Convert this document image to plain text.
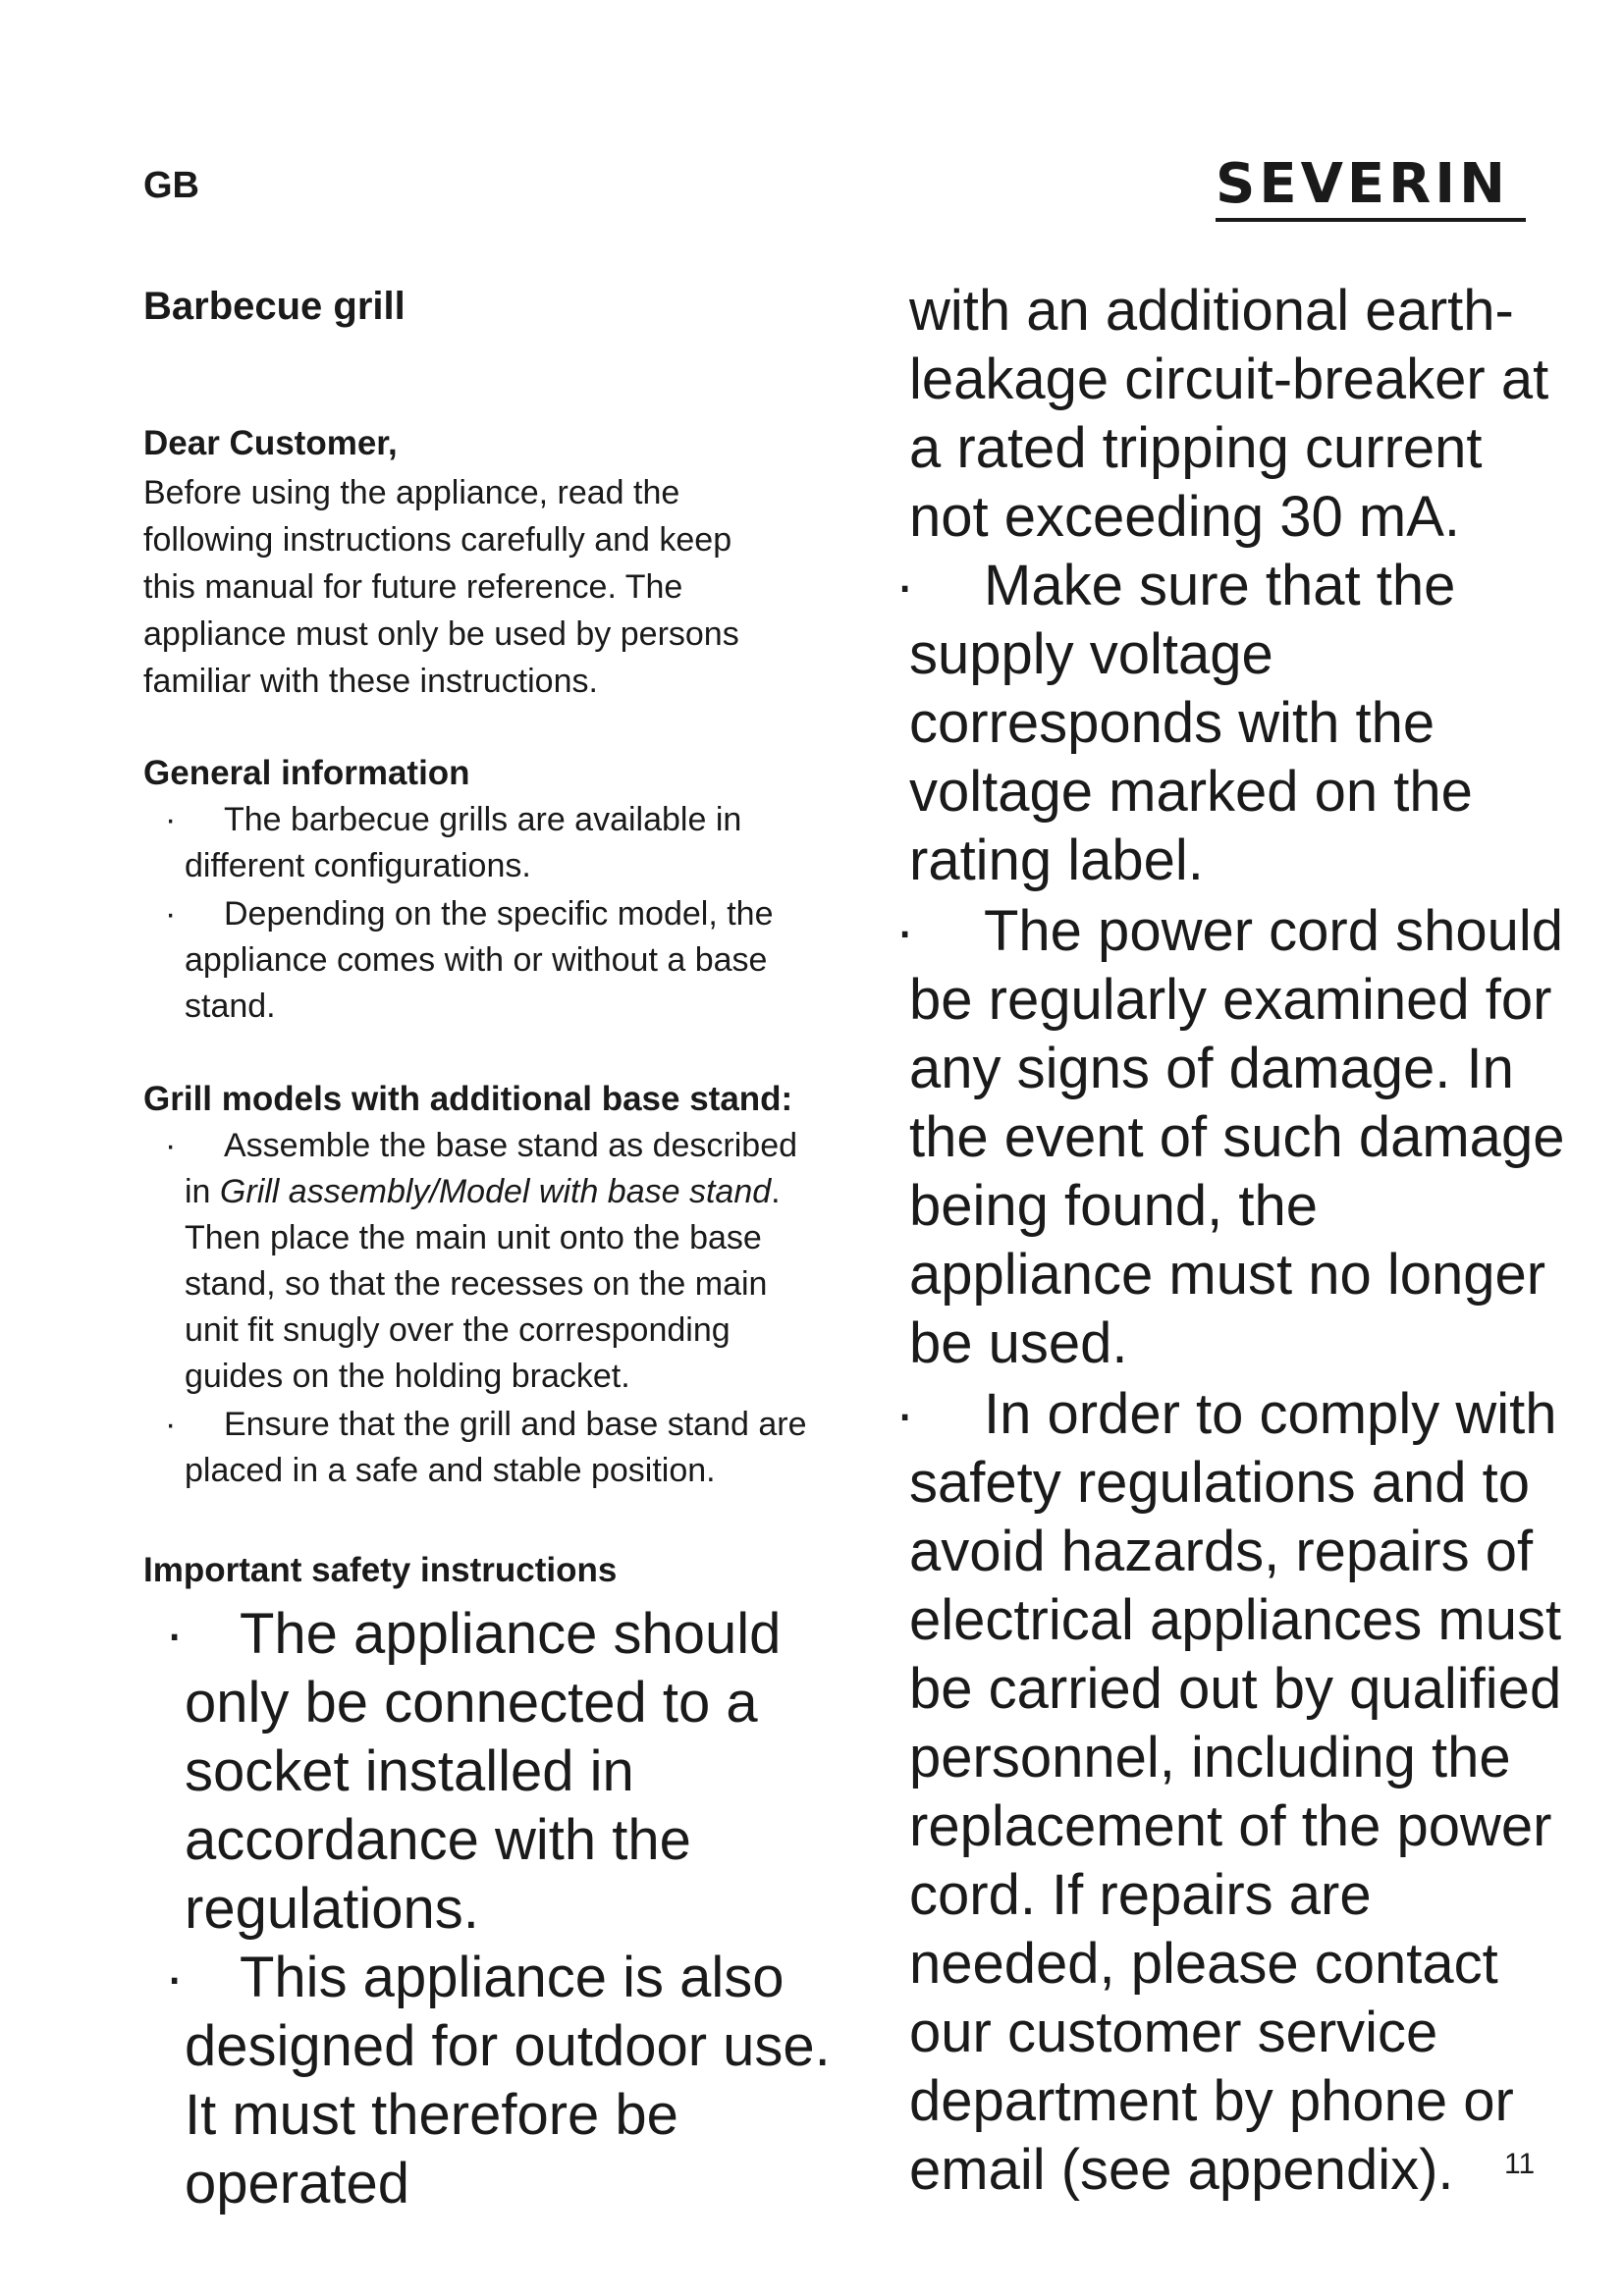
GB	SEVERIN
Barbecue grill
Dear Customer,
Before using the appliance, read the following instructions carefully and keep this manual for future reference. The appliance must only be used by persons familiar with these instructions.
General information
· The barbecue grills are available in different configurations.
· Depending on the specific model, the appliance comes with or without a base stand.
Grill models with additional base stand:
· Assemble the base stand as described in Grill assembly/Model with base stand. Then place the main unit onto the base stand, so that the recesses on the main unit fit snugly over the corresponding guides on the holding bracket.
· Ensure that the grill and base stand are placed in a safe and stable position.
Important safety instructions
· The appliance should only be connected to a socket installed in accordance with the regulations.
· This appliance is also designed for outdoor use. It must therefore be operated

with an additional earth-leakage circuit-breaker at a rated tripping current not exceeding 30 mA.

· Make sure that the supply voltage corresponds with the voltage marked on the rating label.
· The power cord should be regularly examined for any signs of damage. In the event of such damage being found, the appliance must no longer be used.
· In order to comply with safety regulations and to avoid hazards, repairs of electrical appliances must be carried out by qualified personnel, including the replacement of the power cord. If repairs are needed, please contact our customer service department by phone or email (see appendix).	11
